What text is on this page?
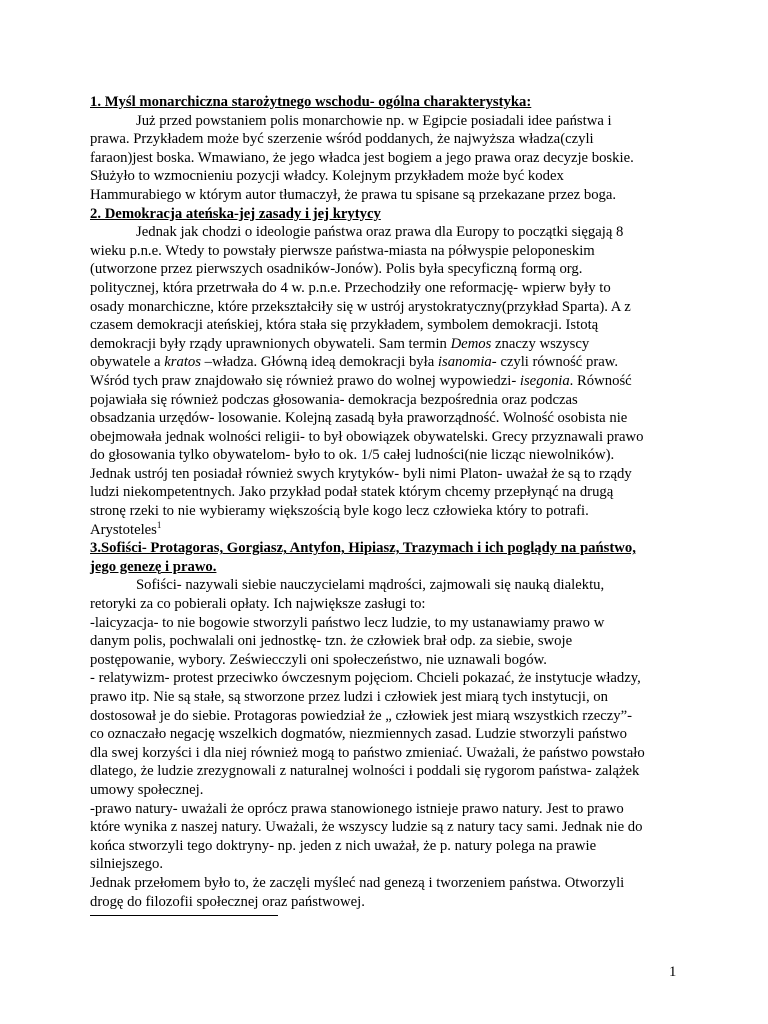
1. Myśl monarchiczna starożytnego wschodu- ogólna charakterystyka:
Już przed powstaniem polis monarchowie np. w Egipcie posiadali idee państwa i
prawa. Przykładem może być szerzenie wśród poddanych, że najwyższa władza(czyli
faraon)jest boska. Wmawiano, że jego władca jest bogiem a jego prawa oraz decyzje boskie.
Służyło to wzmocnieniu pozycji władcy. Kolejnym przykładem może być kodex
Hammurabiego w którym autor tłumaczył, że prawa tu spisane są przekazane przez boga.
2. Demokracja ateńska-jej zasady i jej krytycy
Jednak jak chodzi o ideologie państwa oraz prawa dla Europy to początki sięgają 8
wieku p.n.e. Wtedy to powstały pierwsze państwa-miasta na półwyspie peloponeskim
(utworzone przez pierwszych osadników-Jonów). Polis była specyficzną formą org.
politycznej, która przetrwała do 4 w. p.n.e. Przechodziły one reformację- wpierw były to
osady monarchiczne, które przekształciły się w ustrój arystokratyczny(przykład Sparta). A z
czasem demokracji ateńskiej, która stała się przykładem, symbolem demokracji. Istotą
demokracji były rządy uprawnionych obywateli. Sam termin Demos znaczy wszyscy
obywatele a kratos –władza. Główną ideą demokracji była isanomia- czyli równość praw.
Wśród tych praw znajdowało się również prawo do wolnej wypowiedzi- isegonia. Równość
pojawiała się również podczas głosowania- demokracja bezpośrednia oraz podczas
obsadzania urzędów- losowanie. Kolejną zasadą była praworządność. Wolność osobista nie
obejmowała jednak wolności religii- to był obowiązek obywatelski. Grecy przyznawali prawo
do głosowania tylko obywatelom- było to ok. 1/5 całej ludności(nie licząc niewolników).
Jednak ustrój ten posiadał również swych krytyków- byli nimi Platon- uważał że są to rządy
ludzi niekompetentnych. Jako przykład podał statek którym chcemy przepłynąć na drugą
stronę rzeki to nie wybieramy większością byle kogo lecz człowieka który to potrafi.
Arystoteles$^1$
3.Sofiści- Protagoras, Gorgiasz, Antyfon, Hipiasz, Trazymach i ich poglądy na państwo,
jego genezę i prawo.
Sofiści- nazywali siebie nauczycielami mądrości, zajmowali się nauką dialektu,
retoryki za co pobierali opłaty. Ich największe zasługi to:
-laicyzacja- to nie bogowie stworzyli państwo lecz ludzie, to my ustanawiamy prawo w
danym polis, pochwalali oni jednostkę- tzn. że człowiek brał odp. za siebie, swoje
postępowanie, wybory. Zeświecczyli oni społeczeństwo, nie uznawali bogów.
- relatywizm- protest przeciwko ówczesnym pojęciom. Chcieli pokazać, że instytucje władzy,
prawo itp. Nie są stałe, są stworzone przez ludzi i człowiek jest miarą tych instytucji, on
dostosował je do siebie. Protagoras powiedział że „ człowiek jest miarą wszystkich rzeczy”-
co oznaczało negację wszelkich dogmatów, niezmiennych zasad. Ludzie stworzyli państwo
dla swej korzyści i dla niej również mogą to państwo zmieniać. Uważali, że państwo powstało
dlatego, że ludzie zrezygnowali z naturalnej wolności i poddali się rygorom państwa- zalążek
umowy społecznej.
-prawo natury- uważali że oprócz prawa stanowionego istnieje prawo natury. Jest to prawo
które wynika z naszej natury. Uważali, że wszyscy ludzie są z natury tacy sami. Jednak nie do
końca stworzyli tego doktryny- np. jeden z nich uważał, że p. natury polega na prawie
silniejszego.
Jednak przełomem było to, że zaczęli myśleć nad genezą i tworzeniem państwa. Otworzyli
drogę do filozofii społecznej oraz państwowej.
1
